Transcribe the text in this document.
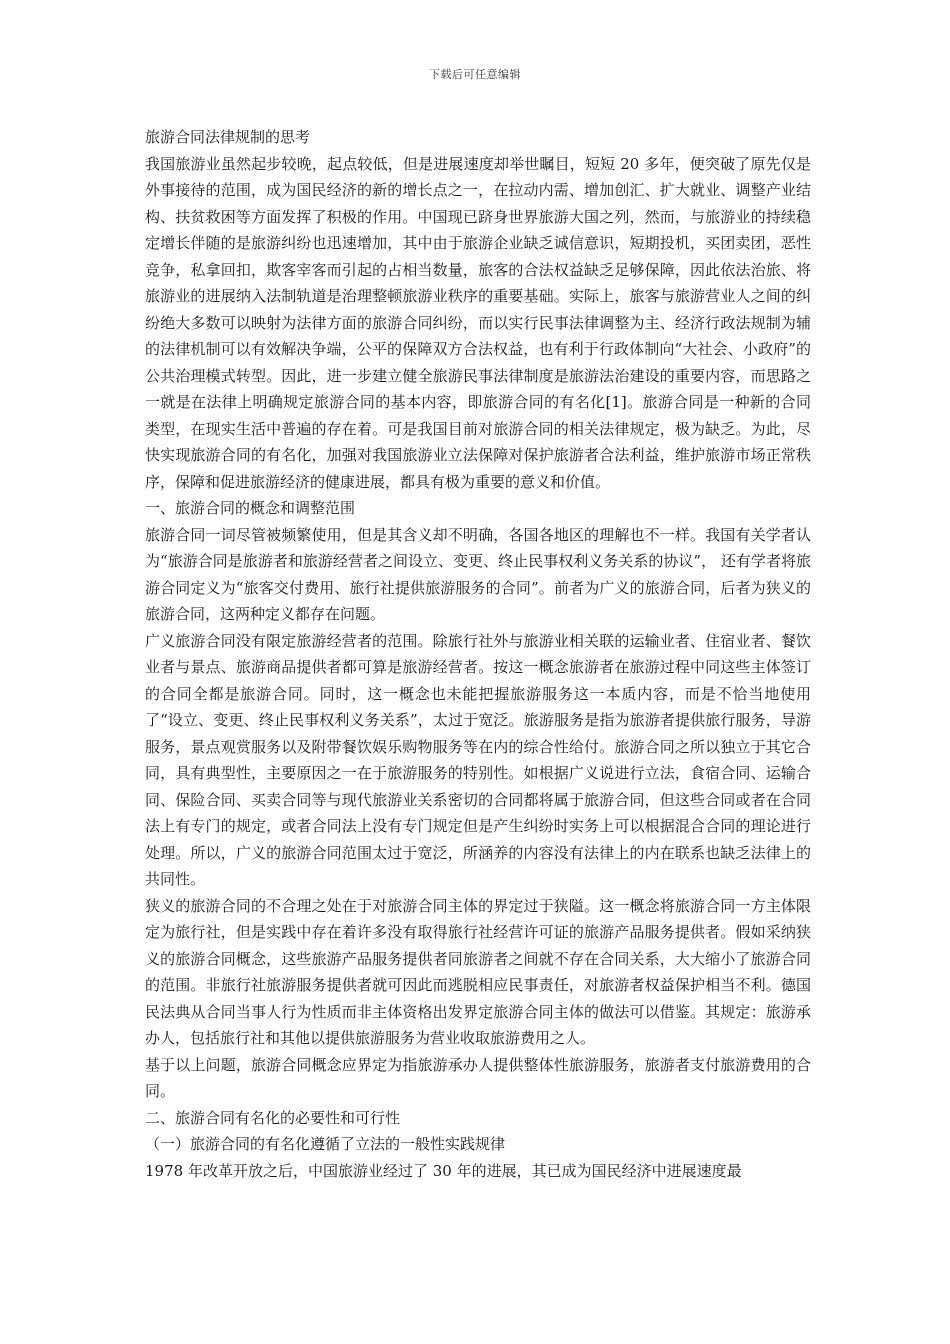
下载后可任意编辑

旅游合同法律规制的思考

我国旅游业虽然起步较晚，起点较低，但是进展速度却举世瞩目，短短 20 多年，便突破了原先仅是外事接待的范围，成为国民经济的新的增长点之一，在拉动内需、增加创汇、扩大就业、调整产业结构、扶贫救困等方面发挥了积极的作用。中国现已跻身世界旅游大国之列，然而，与旅游业的持续稳定增长伴随的是旅游纠纷也迅速增加，其中由于旅游企业缺乏诚信意识，短期投机，买团卖团，恶性竞争，私拿回扣，欺客宰客而引起的占相当数量，旅客的合法权益缺乏足够保障，因此依法治旅、将旅游业的进展纳入法制轨道是治理整顿旅游业秩序的重要基础。实际上，旅客与旅游营业人之间的纠纷绝大多数可以映射为法律方面的旅游合同纠纷，而以实行民事法律调整为主、经济行政法规制为辅的法律机制可以有效解决争端，公平的保障双方合法权益，也有利于行政体制向“大社会、小政府”的公共治理模式转型。因此，进一步建立健全旅游民事法律制度是旅游法治建设的重要内容，而思路之一就是在法律上明确规定旅游合同的基本内容，即旅游合同的有名化[1]。旅游合同是一种新的合同类型，在现实生活中普遍的存在着。可是我国目前对旅游合同的相关法律规定，极为缺乏。为此，尽快实现旅游合同的有名化，加强对我国旅游业立法保障对保护旅游者合法利益，维护旅游市场正常秩序，保障和促进旅游经济的健康进展，都具有极为重要的意义和价值。

一、旅游合同的概念和调整范围

旅游合同一词尽管被频繁使用，但是其含义却不明确，各国各地区的理解也不一样。我国有关学者认为“旅游合同是旅游者和旅游经营者之间设立、变更、终止民事权利义务关系的协议”， 还有学者将旅游合同定义为“旅客交付费用、旅行社提供旅游服务的合同”。前者为广义的旅游合同，后者为狭义的旅游合同，这两种定义都存在问题。

广义旅游合同没有限定旅游经营者的范围。除旅行社外与旅游业相关联的运输业者、住宿业者、餐饮业者与景点、旅游商品提供者都可算是旅游经营者。按这一概念旅游者在旅游过程中同这些主体签订的合同全都是旅游合同。同时，这一概念也未能把握旅游服务这一本质内容，而是不恰当地使用了“设立、变更、终止民事权利义务关系”，太过于宽泛。旅游服务是指为旅游者提供旅行服务，导游服务，景点观赏服务以及附带餐饮娱乐购物服务等在内的综合性给付。旅游合同之所以独立于其它合同，具有典型性，主要原因之一在于旅游服务的特别性。如根据广义说进行立法，食宿合同、运输合同、保险合同、买卖合同等与现代旅游业关系密切的合同都将属于旅游合同，但这些合同或者在合同法上有专门的规定，或者合同法上没有专门规定但是产生纠纷时实务上可以根据混合合同的理论进行处理。所以，广义的旅游合同范围太过于宽泛，所涵养的内容没有法律上的内在联系也缺乏法律上的共同性。

狭义的旅游合同的不合理之处在于对旅游合同主体的界定过于狭隘。这一概念将旅游合同一方主体限定为旅行社，但是实践中存在着许多没有取得旅行社经营许可证的旅游产品服务提供者。假如采纳狭义的旅游合同概念，这些旅游产品服务提供者同旅游者之间就不存在合同关系，大大缩小了旅游合同的范围。非旅行社旅游服务提供者就可因此而逃脱相应民事责任，对旅游者权益保护相当不利。德国民法典从合同当事人行为性质而非主体资格出发界定旅游合同主体的做法可以借鉴。其规定：旅游承办人，包括旅行社和其他以提供旅游服务为营业收取旅游费用之人。

基于以上问题，旅游合同概念应界定为指旅游承办人提供整体性旅游服务，旅游者支付旅游费用的合同。

二、旅游合同有名化的必要性和可行性

（一）旅游合同的有名化遵循了立法的一般性实践规律

1978 年改革开放之后，中国旅游业经过了 30 年的进展，其已成为国民经济中进展速度最
